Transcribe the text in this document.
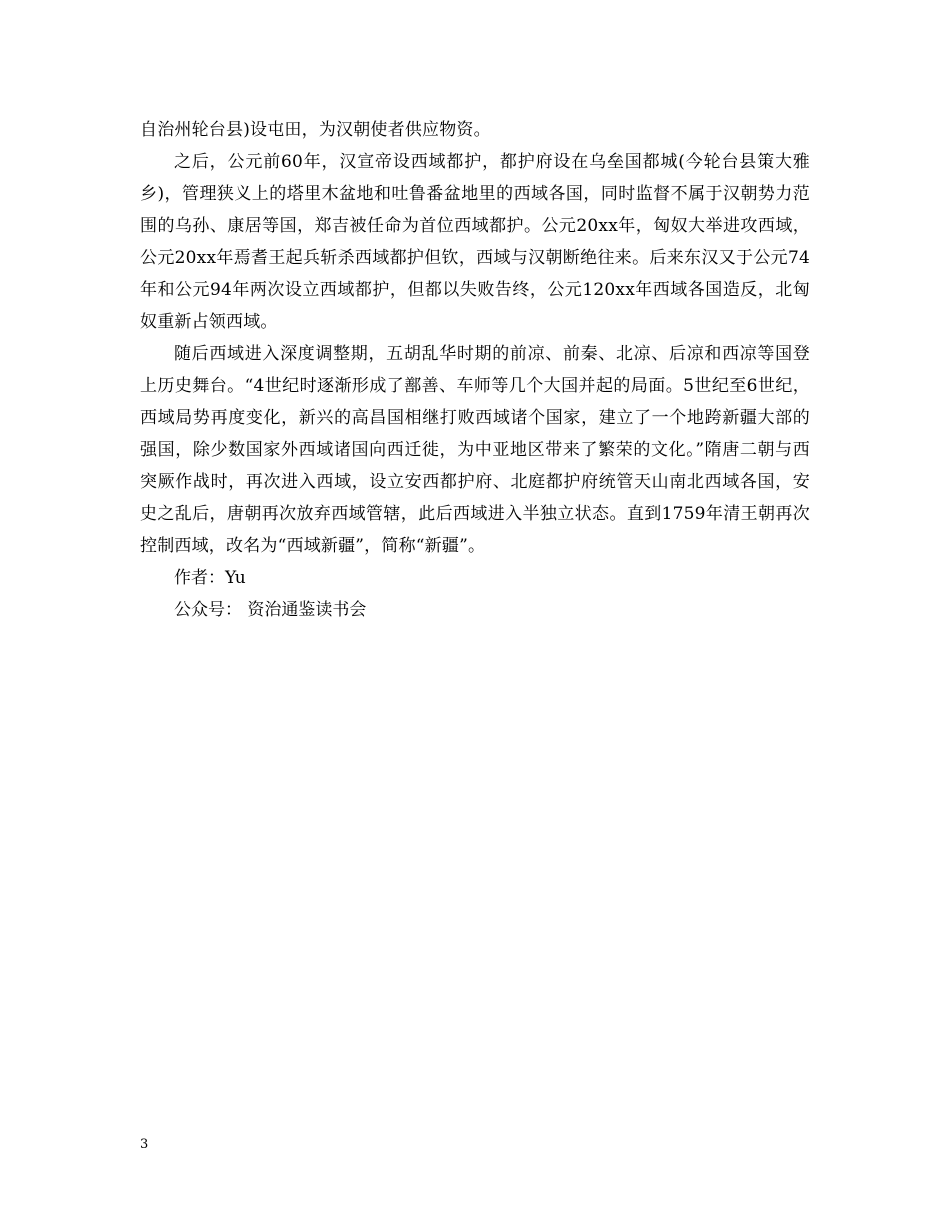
自治州轮台县)设屯田，为汉朝使者供应物资。

之后，公元前60年，汉宣帝设西域都护，都护府设在乌垒国都城(今轮台县策大雅乡)，管理狭义上的塔里木盆地和吐鲁番盆地里的西域各国，同时监督不属于汉朝势力范围的乌孙、康居等国，郑吉被任命为首位西域都护。公元20xx年，匈奴大举进攻西域，公元20xx年焉耆王起兵斩杀西域都护但钦，西域与汉朝断绝往来。后来东汉又于公元74年和公元94年两次设立西域都护，但都以失败告终，公元120xx年西域各国造反，北匈奴重新占领西域。

随后西域进入深度调整期，五胡乱华时期的前凉、前秦、北凉、后凉和西凉等国登上历史舞台。“4世纪时逐渐形成了鄯善、车师等几个大国并起的局面。5世纪至6世纪，西域局势再度变化，新兴的高昌国相继打败西域诸个国家，建立了一个地跨新疆大部的强国，除少数国家外西域诸国向西迁徙，为中亚地区带来了繁荣的文化。”隋唐二朝与西突厥作战时，再次进入西域，设立安西都护府、北庭都护府统管天山南北西域各国，安史之乱后，唐朝再次放弃西域管辖，此后西域进入半独立状态。直到1759年清王朝再次控制西域，改名为“西域新疆”，简称“新疆”。

作者：Yu

公众号： 资治通鉴读书会

3
